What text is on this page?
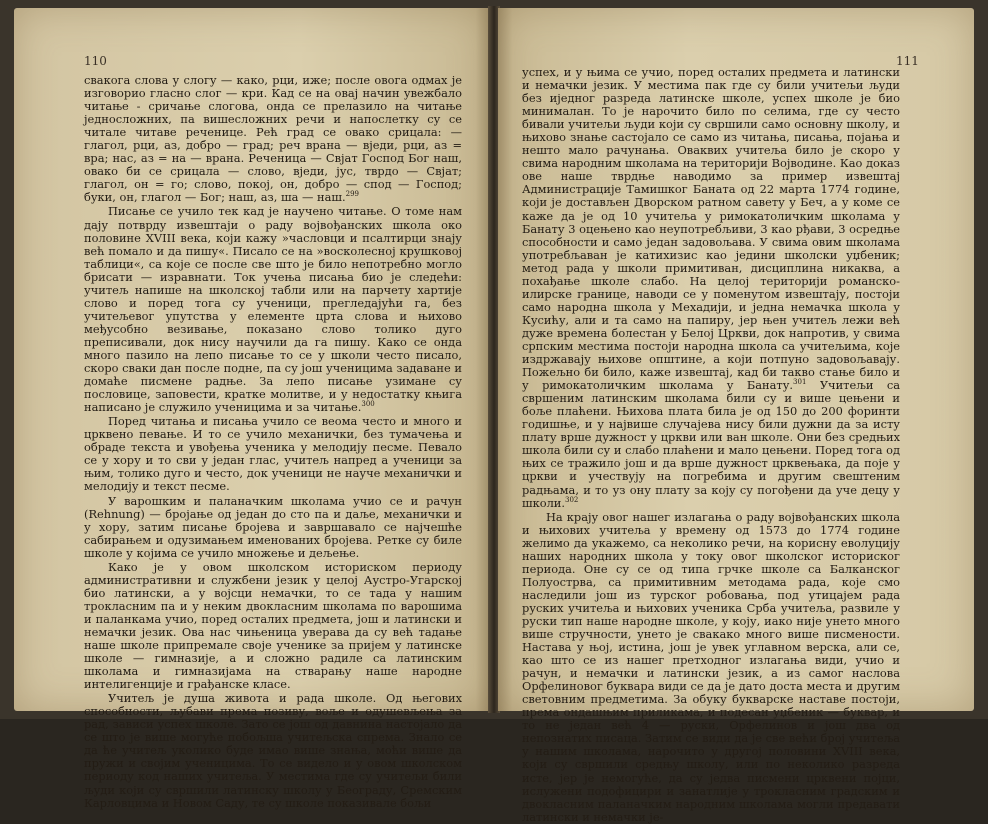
110

свакога слова у слогу — како, рци, иже; после овога одмах је изговорио гласно слог — кри. Кад се на овај начин увежбало читање - сричање слогова, онда се прелазило на читање једносложних, па вишесложних речи и напослетку су се читале читаве реченице. Рећ град се овако срицала: — глагол, рци, аз, добро — град; реч врана — вједи, рци, аз = вра; нас, аз = на — врана. Реченица — Свјат Господ Бог наш, овако би се срицала — слово, вједи, јус, тврдо — Свјат; глагол, он = го; слово, покој, он, добро — спод — Господ; буки, он, глагол — Бог; наш, аз, ша — наш.$^{299}$

Писање се учило тек кад је научено читање. О томе нам дају потврду извештаји о раду војвођанских школа око половине XVIII века, који кажу »часловци и псалтирци знају већ помало и да пишу«. Писало се на »восколесној крушковој таблици«, са које се после све што је било непотребно могло брисати — изравнати. Ток учења писања био је следећи: учитељ напише на школској табли или на парчету хартије слово и поред тога су ученици, прегледајући га, без учитељевог упутства у елементе црта слова и њихово међусобно везивање, показано слово толико дуго преписивали, док нису научили да га пишу. Како се онда много пазило на лепо писање то се у школи често писало, скоро сваки дан после подне, па су још ученицима задаване и домаће писмене радње. За лепо писање узимане су пословице, заповести, кратке молитве, и у недостатку књига написано је служило ученицима и за читање.$^{300}$

Поред читања и писања учило се веома често и много и црквено певање. И то се учило механички, без тумачења и обраде текста и увођења ученика у мелодију песме. Певало се у хору и то сви у један глас, учитељ напред а ученици за њим, толико дуго и често, док ученици не науче механички и мелодију и текст песме.

У варошким и паланачким школама учио се и рачун (Rehnung) — бројање од један до сто па и даље, механички и у хору, затим писање бројева и завршавало се најчешће сабирањем и одузимањем именованих бројева. Ретке су биле школе у којима се учило множење и дељење.

Како је у овом школском историском периоду административни и службени језик у целој Аустро-Угарској био латински, а у војсци немачки, то се тада у нашим трокласним па и у неким двокласним школама по варошима и паланкама учио, поред осталих предмета, још и латински и немачки језик. Ова нас чињеница уверава да су већ тадање наше школе припремале своје ученике за пријем у латинске школе — гимназије, а и сложно радиле са латинским школама и гимназијама на стварању наше народне интелигенције и грађанске класе.

Учитељ је душа живота и рада школе. Од његових способности, љубави према позиву, воље и одушевљења за рад, зависи успех школе. Зато се још од давнина настојало да се што је више могуће побољша учитељска спрема. Знало се да ће учитељ уколико буде имао више знања, моћи више да пружи и својим ученицима. То се видело и у овом школском периоду код наших учитеља. У местима где су учитељи били људи који су свршили латинску школу у Београду, Сремским Карловцима и Новом Саду, те су школе показивале бољи

111

успех, и у њима се учио, поред осталих предмета и латински и немачки језик. У местима пак где су били учитељи људи без иједног разреда латинске школе, успех школе је био минималан. То је нарочито било по селима, где су често бивали учитељи људи који су свршили само основну школу, и њихово знање састојало се само из читања, писања, појања и нешто мало рачунања. Оваквих учитеља било је скоро у свима народним школама на територији Војводине. Као доказ ове наше тврдње наводимо за пример извештај Администрације Тамишког Баната од 22 марта 1774 године, који је достављен Дворском ратном савету у Беч, а у коме се каже да је од 10 учитеља у римокатоличким школама у Банату 3 оцењено као неупотребљиви, 3 као рђави, 3 осредње способности и само један задовољава. У свима овим школама употребљаван је катихизис као једини школски уџбеник; метод рада у школи примитиван, дисциплина никаква, а похађање школе слабо. На целој територији романско-илирске границе, наводи се у поменутом извештају, постоји само народна школа у Мехадији, и једна немачка школа у Кусићу, али и та само на папиру, јер њен учитељ лежи већ дуже времена болестан у Белој Цркви, док напротив, у свима српским местима постоји народна школа са учитељима, које издржавају њихове општине, а који потпуно задовољавају. Пожељно би било, каже извештај, кад би такво стање било и у римокатоличким школама у Банату.$^{301}$ Учитељи са свршеним латинским школама били су и више цењени и боље плаћени. Њихова плата била је од 150 до 200 форинти годишње, и у највише случајева нису били дужни да за исту плату врше дужност у цркви или ван школе. Они без средњих школа били су и слабо плаћени и мало цењени. Поред тога од њих се тражило још и да врше дужност црквењака, да поје у цркви и учествују на погребима и другим свештеним радњама, и то уз ону плату за коју су погођени да уче децу у школи.$^{302}$

На крају овог нашег излагања о раду војвођанских школа и њихових учитеља у времену од 1573 до 1774 године желимо да укажемо, са неколико речи, на корисну еволуцију наших народних школа у току овог школског историског периода. Оне су се од типа грчке школе са Балканског Полуострва, са примитивним методама рада, које смо наследили још из турског робовања, под утицајем рада руских учитеља и њихових ученика Срба учитеља, развиле у руски тип наше народне школе, у коју, иако није унето много више стручности, унето је свакако много више писмености. Настава у њој, истина, још је увек углавном верска, али се, као што се из нашег претходног излагања види, учио и рачун, и немачки и латински језик, а из самог наслова Орфелиновог буквара види се да је дато доста места и другим световним предметима. За обуку букварске наставе постоји, према ондашњим приликама, и подесан уџбеник — буквар, и то не један већ 4 — руски, Орфелинов и још два од непознатих писаца. Затим се види да је све већи број учитеља у нашим школама, нарочито у другој половини XVIII века, који су свршили средњу школу, или по неколико разреда исте, јер је немогуће, да су једва писмени црквени појци, ислужени подофицири и занатлије у трокласним градским и двокласним паланачким народним школама могли предавати латински и немачки је-
